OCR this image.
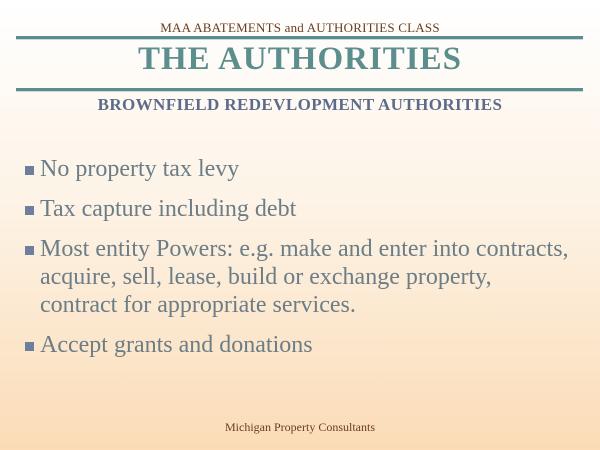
MAA ABATEMENTS and AUTHORITIES CLASS
THE AUTHORITIES
BROWNFIELD REDEVLOPMENT AUTHORITIES
No property tax levy
Tax capture including debt
Most entity Powers: e.g. make and enter into contracts, acquire, sell, lease, build or exchange property, contract for appropriate services.
Accept grants and donations
Michigan Property Consultants
